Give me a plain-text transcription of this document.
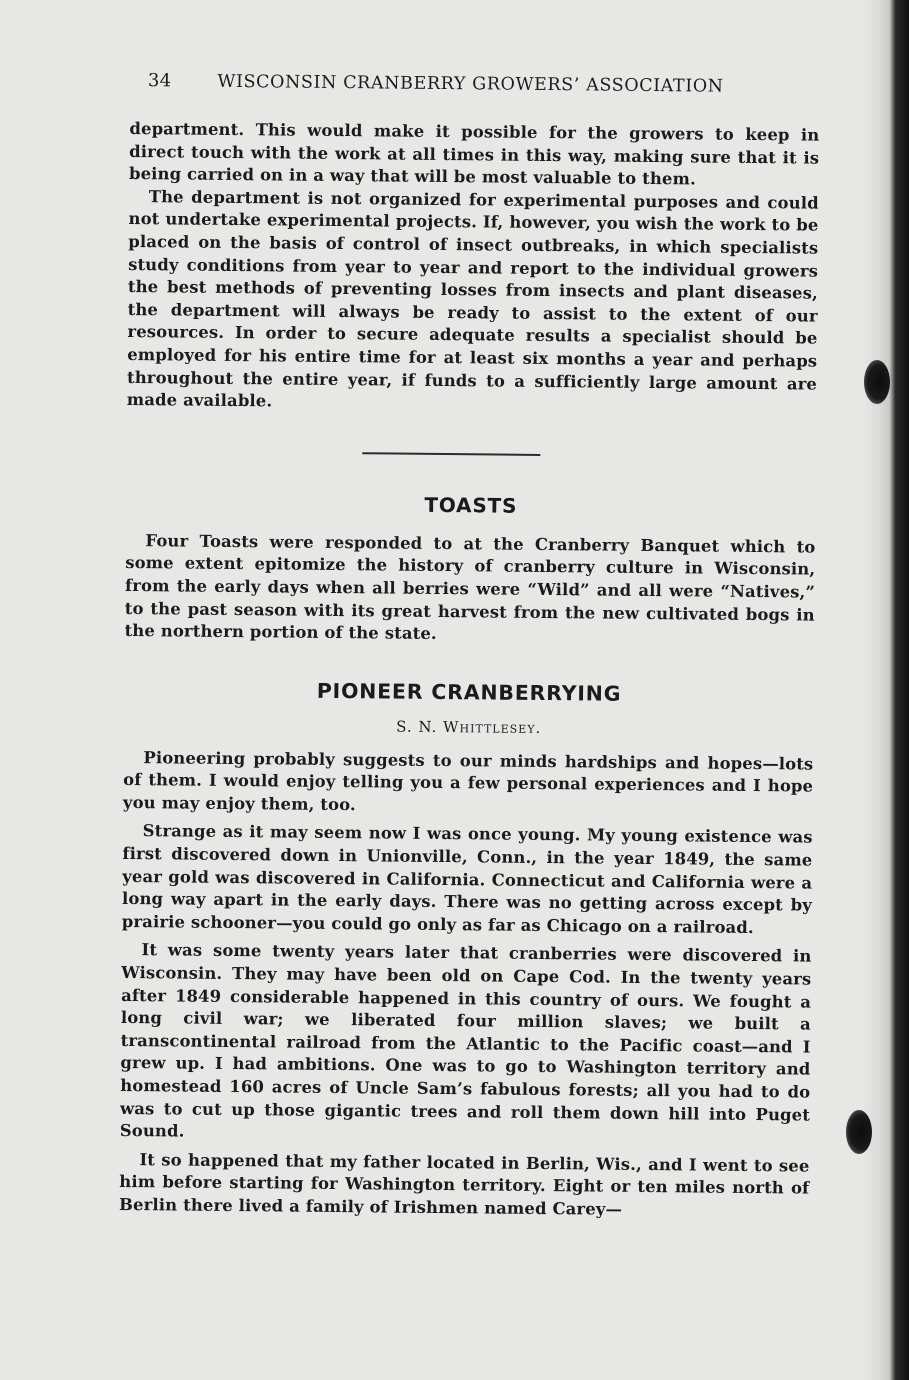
34	WISCONSIN CRANBERRY GROWERS’ ASSOCIATION

department. This would make it possible for the growers to keep in direct touch with the work at all times in this way, making sure that it is being carried on in a way that will be most valuable to them.

The department is not organized for experimental purposes and could not undertake experimental projects. If, however, you wish the work to be placed on the basis of control of insect outbreaks, in which specialists study conditions from year to year and report to the individual growers the best methods of preventing losses from insects and plant diseases, the department will always be ready to assist to the extent of our resources. In order to secure adequate results a specialist should be employed for his entire time for at least six months a year and perhaps throughout the entire year, if funds to a sufficiently large amount are made available.

TOASTS

Four Toasts were responded to at the Cranberry Banquet which to some extent epitomize the history of cranberry culture in Wisconsin, from the early days when all berries were “Wild” and all were “Natives,” to the past season with its great harvest from the new cultivated bogs in the northern portion of the state.

PIONEER CRANBERRYING
S. N. Whittlesey.

Pioneering probably suggests to our minds hardships and hopes—lots of them. I would enjoy telling you a few personal experiences and I hope you may enjoy them, too.

Strange as it may seem now I was once young. My young existence was first discovered down in Unionville, Conn., in the year 1849, the same year gold was discovered in California. Connecticut and California were a long way apart in the early days. There was no getting across except by prairie schooner—you could go only as far as Chicago on a railroad.

It was some twenty years later that cranberries were discovered in Wisconsin. They may have been old on Cape Cod. In the twenty years after 1849 considerable happened in this country of ours. We fought a long civil war; we liberated four million slaves; we built a transcontinental railroad from the Atlantic to the Pacific coast—and I grew up. I had ambitions. One was to go to Washington territory and homestead 160 acres of Uncle Sam’s fabulous forests; all you had to do was to cut up those gigantic trees and roll them down hill into Puget Sound.

It so happened that my father located in Berlin, Wis., and I went to see him before starting for Washington territory. Eight or ten miles north of Berlin there lived a family of Irishmen named Carey—
